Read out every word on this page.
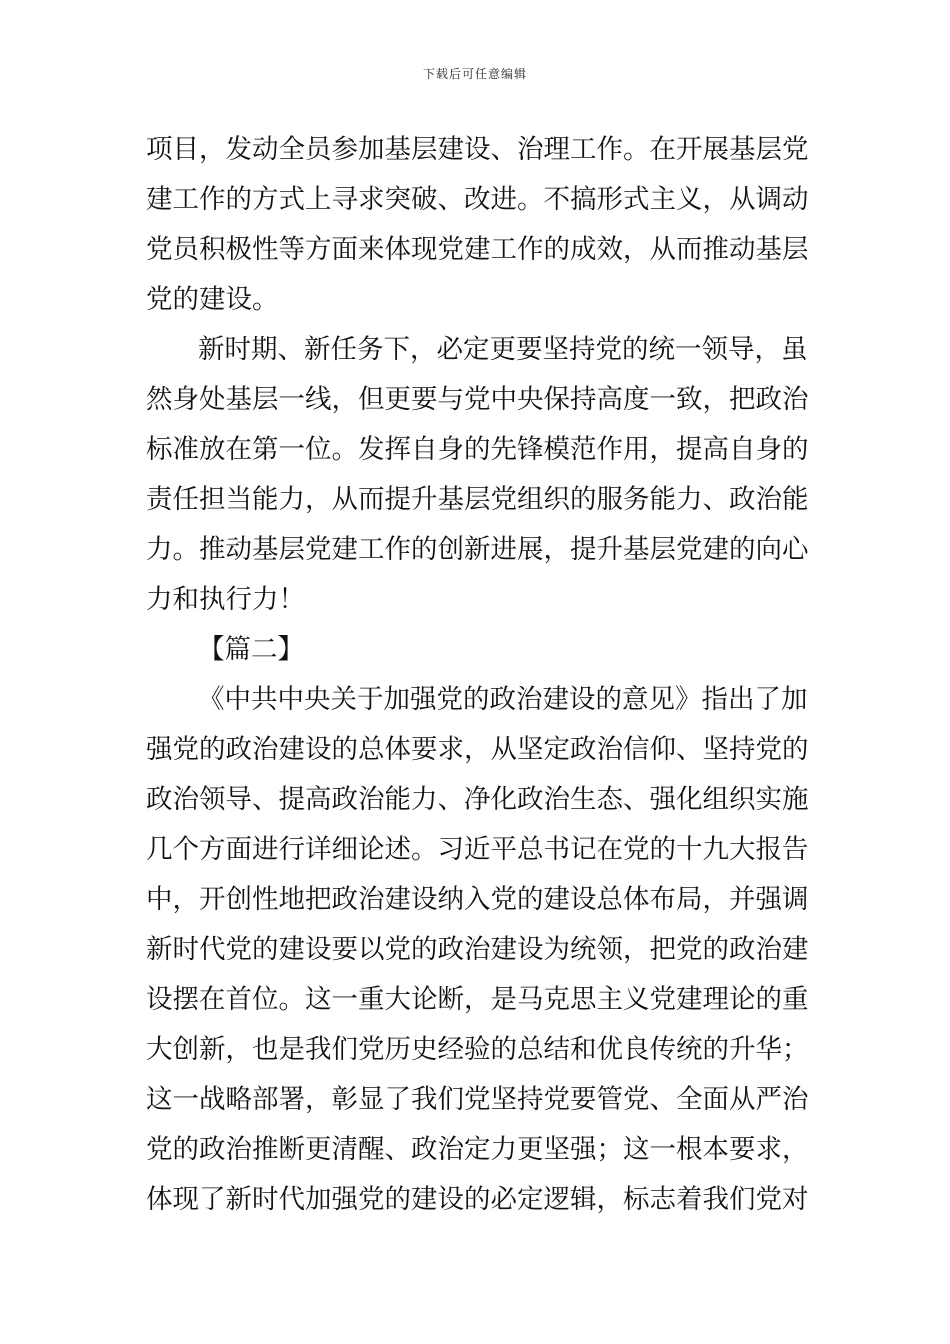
下载后可任意编辑
项目，发动全员参加基层建设、治理工作。在开展基层党
建工作的方式上寻求突破、改进。不搞形式主义，从调动
党员积极性等方面来体现党建工作的成效，从而推动基层
党的建设。
新时期、新任务下，必定更要坚持党的统一领导，虽
然身处基层一线，但更要与党中央保持高度一致，把政治
标准放在第一位。发挥自身的先锋模范作用，提高自身的
责任担当能力，从而提升基层党组织的服务能力、政治能
力。推动基层党建工作的创新进展，提升基层党建的向心
力和执行力！
【篇二】
《中共中央关于加强党的政治建设的意见》指出了加
强党的政治建设的总体要求，从坚定政治信仰、坚持党的
政治领导、提高政治能力、净化政治生态、强化组织实施
几个方面进行详细论述。习近平总书记在党的十九大报告
中，开创性地把政治建设纳入党的建设总体布局，并强调
新时代党的建设要以党的政治建设为统领，把党的政治建
设摆在首位。这一重大论断，是马克思主义党建理论的重
大创新，也是我们党历史经验的总结和优良传统的升华；
这一战略部署，彰显了我们党坚持党要管党、全面从严治
党的政治推断更清醒、政治定力更坚强；这一根本要求，
体现了新时代加强党的建设的必定逻辑，标志着我们党对
